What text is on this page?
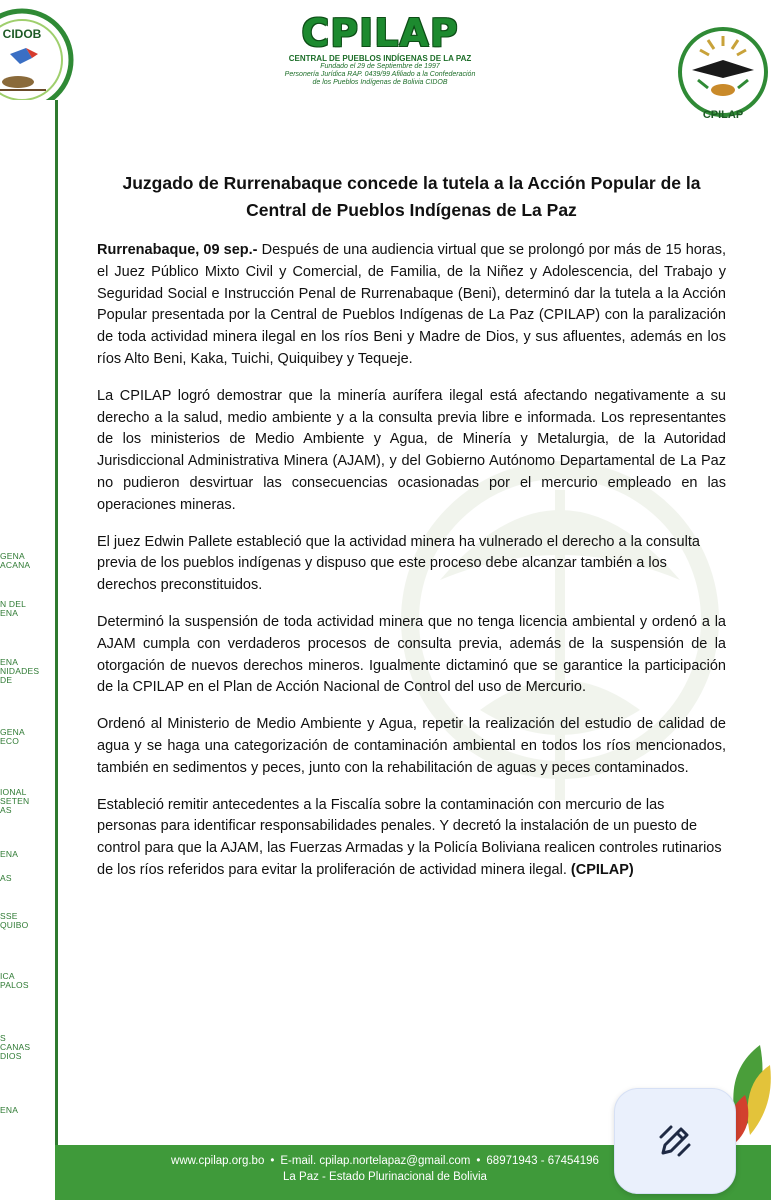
CIDOB	CPILAP
CENTRAL DE PUEBLOS INDÍGENAS DE LA PAZ
Fundado el 29 de Septiembre de 1997
Personería Jurídica RAP. 0439/99 Afiliado a la Confederación
de los Pueblos Indígenas de Bolivia CIDOB
CPILAP
GENA
ACANA
N DEL
ENA
ENA
NIDADES
DE
GENA
ECO
IONAL
SETEN
AS
ENA
AS
SSE
QUIBO
ICA
PALOS
S
CANAS
DIOS
ENA
Juzgado de Rurrenabaque concede la tutela a la Acción Popular de la Central de Pueblos Indígenas de La Paz

Rurrenabaque, 09 sep.- Después de una audiencia virtual que se prolongó por más de 15 horas, el Juez Público Mixto Civil y Comercial, de Familia, de la Niñez y Adolescencia, del Trabajo y Seguridad Social e Instrucción Penal de Rurrenabaque (Beni), determinó dar la tutela a la Acción Popular presentada por la Central de Pueblos Indígenas de La Paz (CPILAP) con la paralización de toda actividad minera ilegal en los ríos Beni y Madre de Dios, y sus afluentes, además en los ríos Alto Beni, Kaka, Tuichi, Quiquibey y Tequeje.

La CPILAP logró demostrar que la minería aurífera ilegal está afectando negativamente a su derecho a la salud, medio ambiente y a la consulta previa libre e informada. Los representantes de los ministerios de Medio Ambiente y Agua, de Minería y Metalurgia, de la Autoridad Jurisdiccional Administrativa Minera (AJAM), y del Gobierno Autónomo Departamental de La Paz no pudieron desvirtuar las consecuencias ocasionadas por el mercurio empleado en las operaciones mineras.

El juez Edwin Pallete estableció que la actividad minera ha vulnerado el derecho a la consulta previa de los pueblos indígenas y dispuso que este proceso debe alcanzar también a los derechos preconstituidos.

Determinó la suspensión de toda actividad minera que no tenga licencia ambiental y ordenó a la AJAM cumpla con verdaderos procesos de consulta previa, además de la suspensión de la otorgación de nuevos derechos mineros. Igualmente dictaminó que se garantice la participación de la CPILAP en el Plan de Acción Nacional de Control del uso de Mercurio.

Ordenó al Ministerio de Medio Ambiente y Agua, repetir la realización del estudio de calidad de agua y se haga una categorización de contaminación ambiental en todos los ríos mencionados, también en sedimentos y peces, junto con la rehabilitación de aguas y peces contaminados.

Estableció remitir antecedentes a la Fiscalía sobre la contaminación con mercurio de las personas para identificar responsabilidades penales. Y decretó la instalación de un puesto de control para que la AJAM, las Fuerzas Armadas y la Policía Boliviana realicen controles rutinarios de los ríos referidos para evitar la proliferación de actividad minera ilegal. (CPILAP)

www.cpilap.org.bo • E-mail. cpilap.nortelapaz@gmail.com • 68971943 - 67454196
La Paz - Estado Plurinacional de Bolivia
